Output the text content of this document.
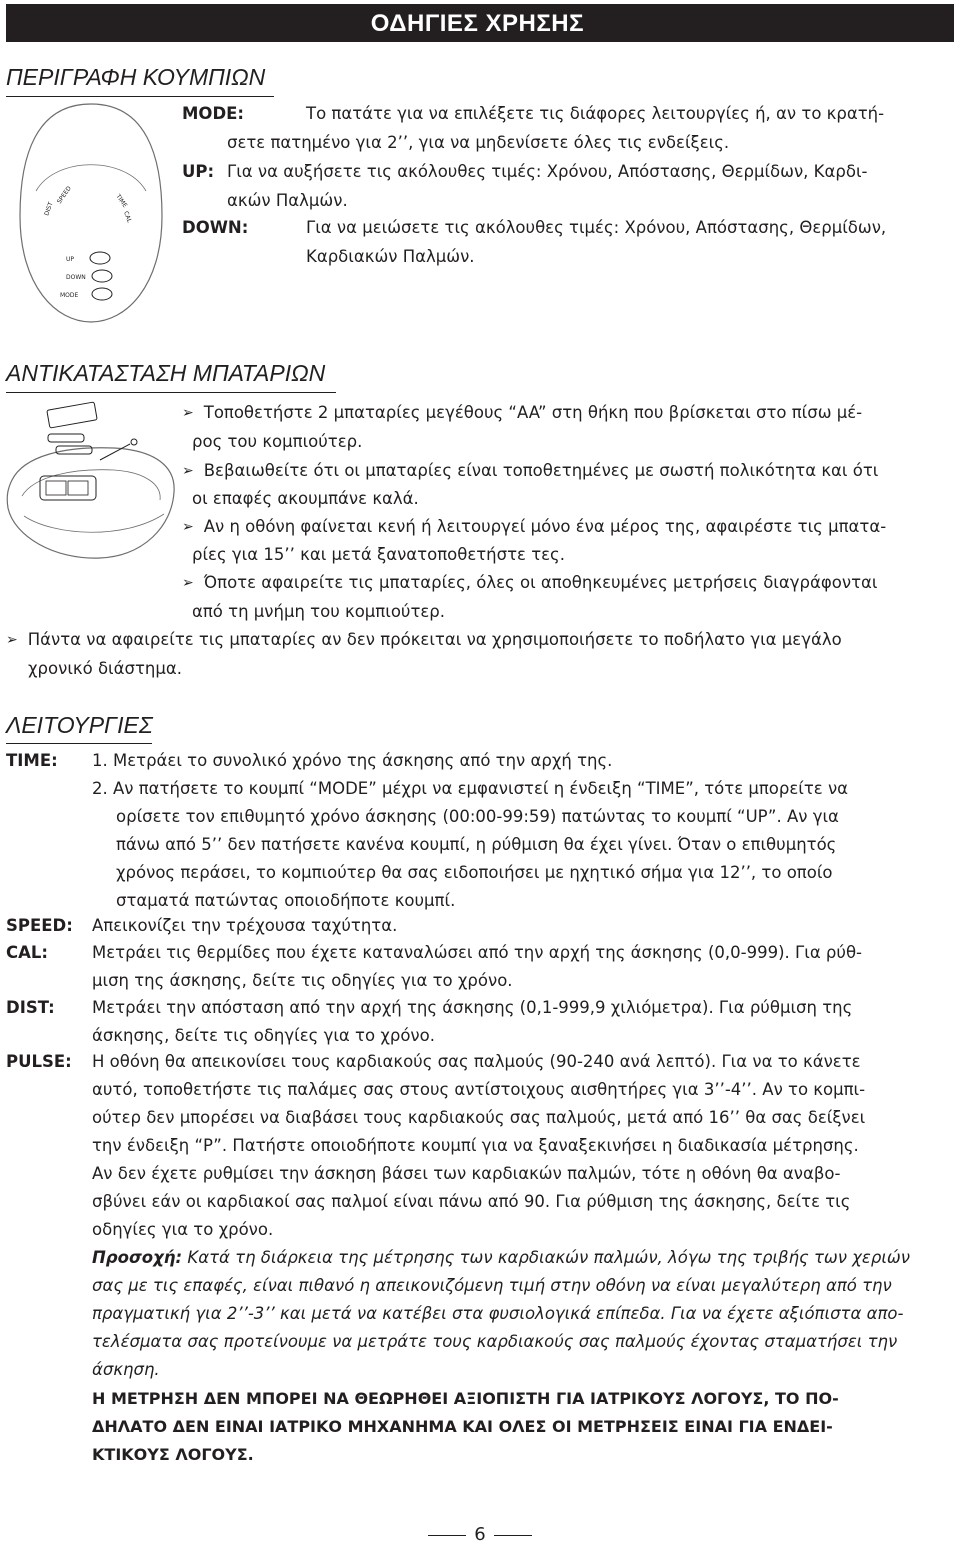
ΟΔΗΓΙΕΣ ΧΡΗΣΗΣ
ΠΕΡΙΓΡΑΦΗ ΚΟΥΜΠΙΩΝ
DIST
SPEED	TIME
CAL
UP
DOWN
MODE
MODE:	Το πατάτε για να επιλέξετε τις διάφορες λειτουργίες ή, αν το κρατή-
σετε πατημένο για 2’’, για να μηδενίσετε όλες τις ενδείξεις.
UP: Για να αυξήσετε τις ακόλουθες τιμές: Χρόνου, Απόστασης, Θερμίδων, Καρδι-
ακών Παλμών.
DOWN:	Για να μειώσετε τις ακόλουθες τιμές: Χρόνου, Απόστασης, Θερμίδων,
Καρδιακών Παλμών.
ΑΝΤΙΚΑΤΑΣΤΑΣΗ ΜΠΑΤΑΡΙΩΝ
➢ Τοποθετήστε 2 μπαταρίες μεγέθους “AA” στη θήκη που βρίσκεται στο πίσω μέ-
ρος του κομπιούτερ.
➢ Βεβαιωθείτε ότι οι μπαταρίες είναι τοποθετημένες με σωστή πολικότητα και ότι
οι επαφές ακουμπάνε καλά.
➢ Αν η οθόνη φαίνεται κενή ή λειτουργεί μόνο ένα μέρος της, αφαιρέστε τις μπατα-
ρίες για 15’’ και μετά ξανατοποθετήστε τες.
➢ Όποτε αφαιρείτε τις μπαταρίες, όλες οι αποθηκευμένες μετρήσεις διαγράφονται
από τη μνήμη του κομπιούτερ.
➢ Πάντα να αφαιρείτε τις μπαταρίες αν δεν πρόκειται να χρησιμοποιήσετε το ποδήλατο για μεγάλο
χρονικό διάστημα.
ΛΕΙΤΟΥΡΓΙΕΣ
TIME: 1. Μετράει το συνολικό χρόνο της άσκησης από την αρχή της.
2. Αν πατήσετε το κουμπί “MODE” μέχρι να εμφανιστεί η ένδειξη “TIME”, τότε μπορείτε να
ορίσετε τον επιθυμητό χρόνο άσκησης (00:00-99:59) πατώντας το κουμπί “UP”. Αν για
πάνω από 5’’ δεν πατήσετε κανένα κουμπί, η ρύθμιση θα έχει γίνει. Όταν ο επιθυμητός
χρόνος περάσει, το κομπιούτερ θα σας ειδοποιήσει με ηχητικό σήμα για 12’’, το οποίο
σταματά πατώντας οποιοδήποτε κουμπί.
SPEED: Απεικονίζει την τρέχουσα ταχύτητα.
CAL:	Μετράει τις θερμίδες που έχετε καταναλώσει από την αρχή της άσκησης (0,0-999). Για ρύθ-
μιση της άσκησης, δείτε τις οδηγίες για το χρόνο.
DIST: Μετράει την απόσταση από την αρχή της άσκησης (0,1-999,9 χιλιόμετρα). Για ρύθμιση της
άσκησης, δείτε τις οδηγίες για το χρόνο.
PULSE: Η οθόνη θα απεικονίσει τους καρδιακούς σας παλμούς (90-240 ανά λεπτό). Για να το κάνετε
αυτό, τοποθετήστε τις παλάμες σας στους αντίστοιχους αισθητήρες για 3’’-4’’. Αν το κομπι-
ούτερ δεν μπορέσει να διαβάσει τους καρδιακούς σας παλμούς, μετά από 16’’ θα σας δείξνει
την ένδειξη “P”. Πατήστε οποιοδήποτε κουμπί για να ξαναξεκινήσει η διαδικασία μέτρησης.
Αν δεν έχετε ρυθμίσει την άσκηση βάσει των καρδιακών παλμών, τότε η οθόνη θα αναβο-
σβύνει εάν οι καρδιακοί σας παλμοί είναι πάνω από 90. Για ρύθμιση της άσκησης, δείτε τις
οδηγίες για το χρόνο.
Προσοχή: Κατά τη διάρκεια της μέτρησης των καρδιακών παλμών, λόγω της τριβής των χεριών
σας με τις επαφές, είναι πιθανό η απεικονιζόμενη τιμή στην οθόνη να είναι μεγαλύτερη από την
πραγματική για 2’’-3’’ και μετά να κατέβει στα φυσιολογικά επίπεδα. Για να έχετε αξιόπιστα απο-
τελέσματα σας προτείνουμε να μετράτε τους καρδιακούς σας παλμούς έχοντας σταματήσει την
άσκηση.
Η ΜΕΤΡΗΣΗ ΔΕΝ ΜΠΟΡΕΙ ΝΑ ΘΕΩΡΗΘΕΙ ΑΞΙΟΠΙΣΤΗ ΓΙΑ ΙΑΤΡΙΚΟΥΣ ΛΟΓΟΥΣ, ΤΟ ΠΟ-
ΔΗΛΑΤΟ ΔΕΝ ΕΙΝΑΙ ΙΑΤΡΙΚΟ ΜΗΧΑΝΗΜΑ ΚΑΙ ΟΛΕΣ ΟΙ ΜΕΤΡΗΣΕΙΣ ΕΙΝΑΙ ΓΙΑ ΕΝΔΕΙ-
ΚΤΙΚΟΥΣ ΛΟΓΟΥΣ.
6
